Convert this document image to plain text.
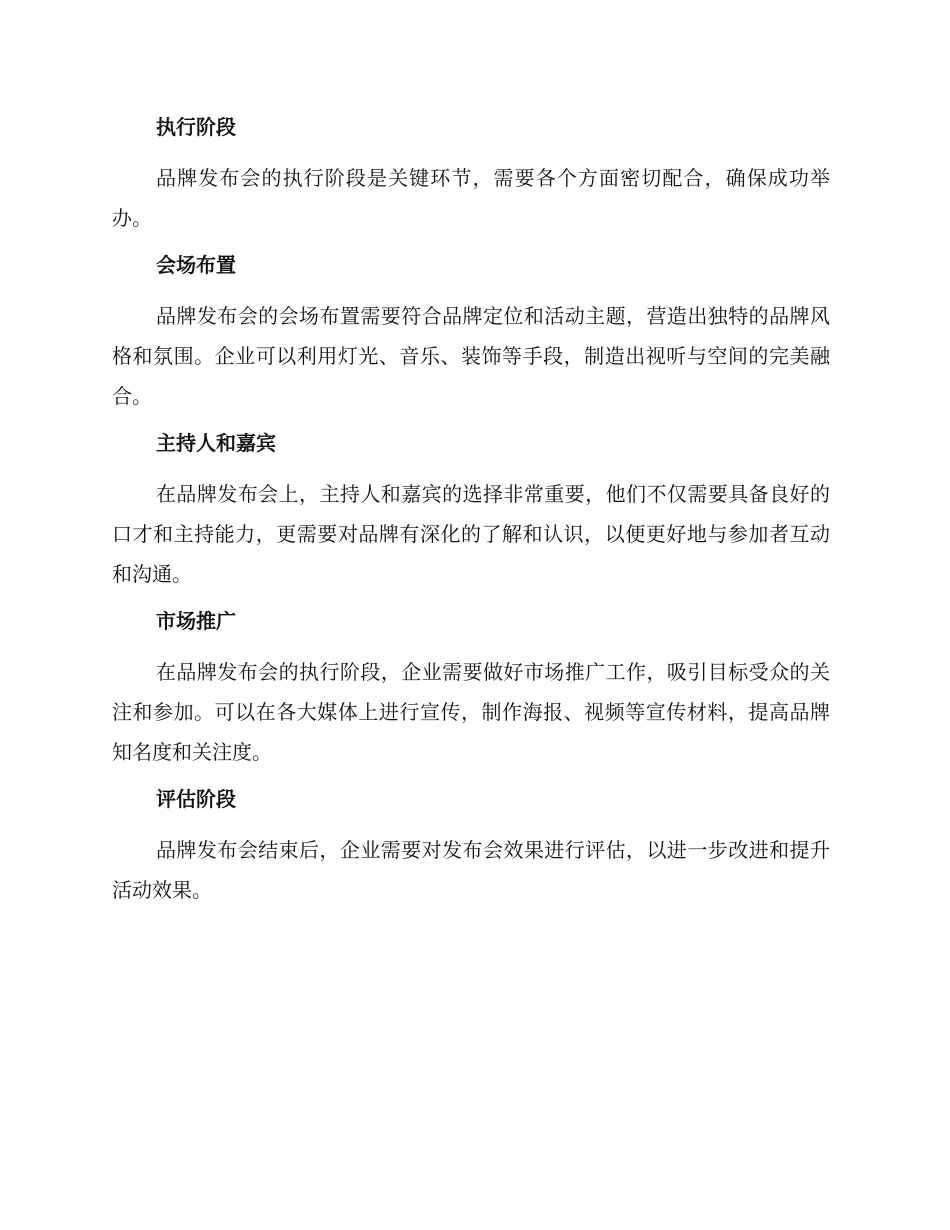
执行阶段

品牌发布会的执行阶段是关键环节，需要各个方面密切配合，确保成功举办。

会场布置

品牌发布会的会场布置需要符合品牌定位和活动主题，营造出独特的品牌风格和氛围。企业可以利用灯光、音乐、装饰等手段，制造出视听与空间的完美融合。

主持人和嘉宾

在品牌发布会上，主持人和嘉宾的选择非常重要，他们不仅需要具备良好的口才和主持能力，更需要对品牌有深化的了解和认识，以便更好地与参加者互动和沟通。

市场推广

在品牌发布会的执行阶段，企业需要做好市场推广工作，吸引目标受众的关注和参加。可以在各大媒体上进行宣传，制作海报、视频等宣传材料，提高品牌知名度和关注度。

评估阶段

品牌发布会结束后，企业需要对发布会效果进行评估，以进一步改进和提升活动效果。
